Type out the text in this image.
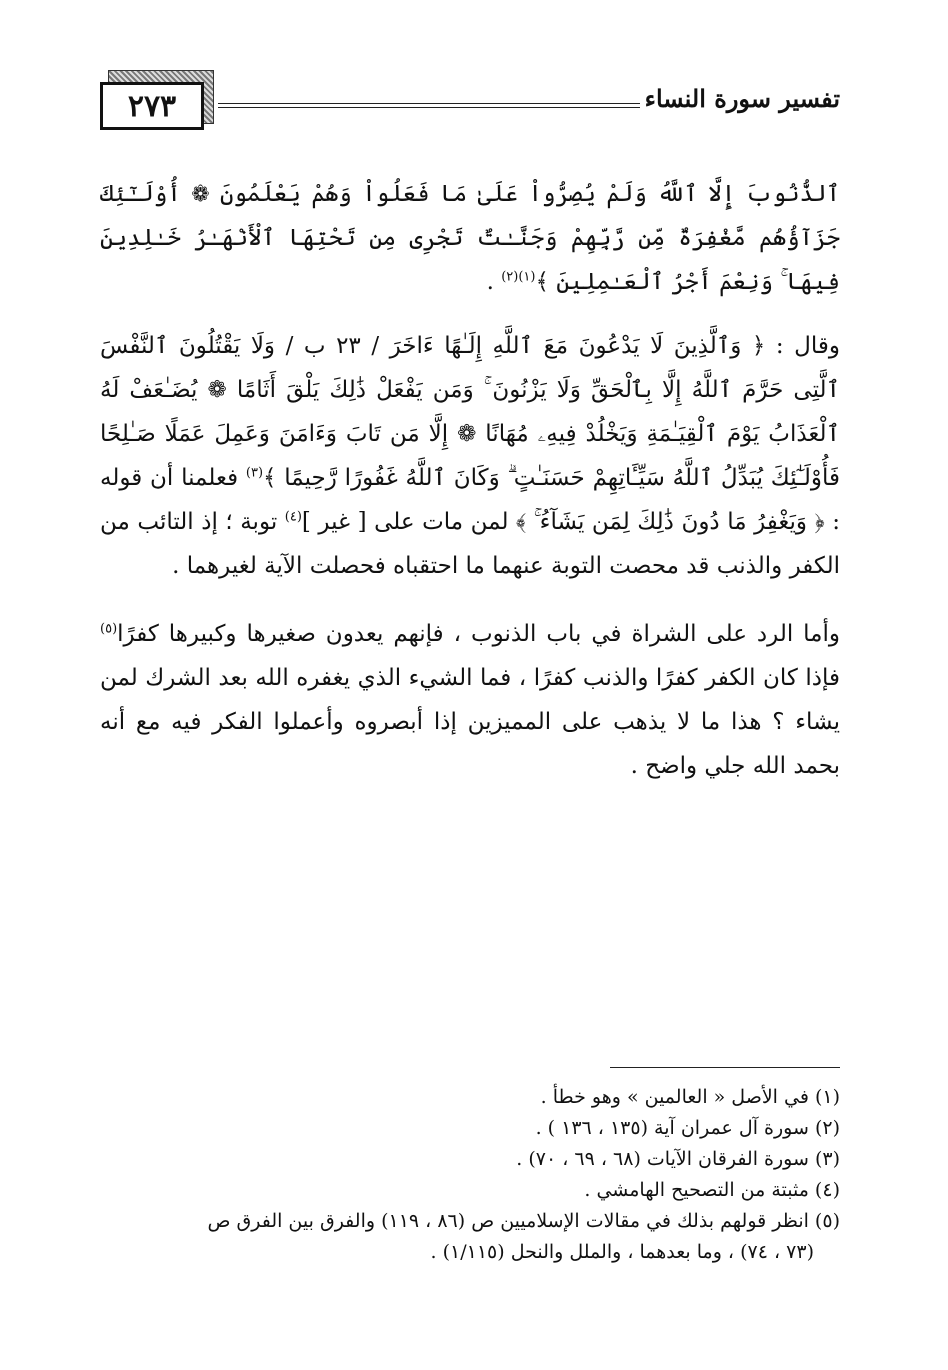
تفسير سورة النساء
٢٧٣

ٱلذُّنُوبَ إِلَّا ٱللَّهُ وَلَمْ يُصِرُّواْ عَلَىٰ مَا فَعَلُواْ وَهُمْ يَعْلَمُونَ ❁ أُوْلَـٰٓئِكَ جَزَآؤُهُم مَّغْفِرَةٌ مِّن رَّبِّهِمْ وَجَنَّـٰتٌ تَجْرِى مِن تَحْتِهَا ٱلْأَنْهَـٰرُ خَـٰلِدِينَ فِيهَا ۚ وَنِعْمَ أَجْرُ ٱلْعَـٰمِلِينَ ﴾$^{(١)(٢)}$ .

وقال : ﴿ وَٱلَّذِينَ لَا يَدْعُونَ مَعَ ٱللَّهِ إِلَـٰهًا ءَاخَرَ / ٢٣ ب / وَلَا يَقْتُلُونَ ٱلنَّفْسَ ٱلَّتِى حَرَّمَ ٱللَّهُ إِلَّا بِٱلْحَقِّ وَلَا يَزْنُونَ ۚ وَمَن يَفْعَلْ ذَٰلِكَ يَلْقَ أَثَامًا ❁ يُضَـٰعَفْ لَهُ ٱلْعَذَابُ يَوْمَ ٱلْقِيَـٰمَةِ وَيَخْلُدْ فِيهِۦ مُهَانًا ❁ إِلَّا مَن تَابَ وَءَامَنَ وَعَمِلَ عَمَلًا صَـٰلِحًا فَأُوْلَـٰٓئِكَ يُبَدِّلُ ٱللَّهُ سَيِّـَٔاتِهِمْ حَسَنَـٰتٍ ۗ وَكَانَ ٱللَّهُ غَفُورًا رَّحِيمًا ﴾$^{(٣)}$ فعلمنا أن قوله : ﴿ وَيَغْفِرُ مَا دُونَ ذَٰلِكَ لِمَن يَشَآءُ ۚ ﴾ لمن مات على [ غير ]$^{(٤)}$ توبة ؛ إذ التائب من الكفر والذنب قد محصت التوبة عنهما ما احتقباه فحصلت الآية لغيرهما .

وأما الرد على الشراة في باب الذنوب ، فإنهم يعدون صغيرها وكبيرها كفرًا$^{(٥)}$ فإذا كان الكفر كفرًا والذنب كفرًا ، فما الشيء الذي يغفره الله بعد الشرك لمن يشاء ؟ هذا ما لا يذهب على المميزين إذا أبصروه وأعملوا الفكر فيه مع أنه بحمد الله جلي واضح .

(١) في الأصل « العالمين » وهو خطأ .

(٢) سورة آل عمران آية (١٣٥ ، ١٣٦ ) .

(٣) سورة الفرقان الآيات (٦٨ ، ٦٩ ، ٧٠) .

(٤) مثبتة من التصحيح الهامشي .

(٥) انظر قولهم بذلك في مقالات الإسلاميين ص (٨٦ ، ١١٩) والفرق بين الفرق ص
(٧٣ ، ٧٤) ، وما بعدهما ، والملل والنحل (١/١١٥) .
